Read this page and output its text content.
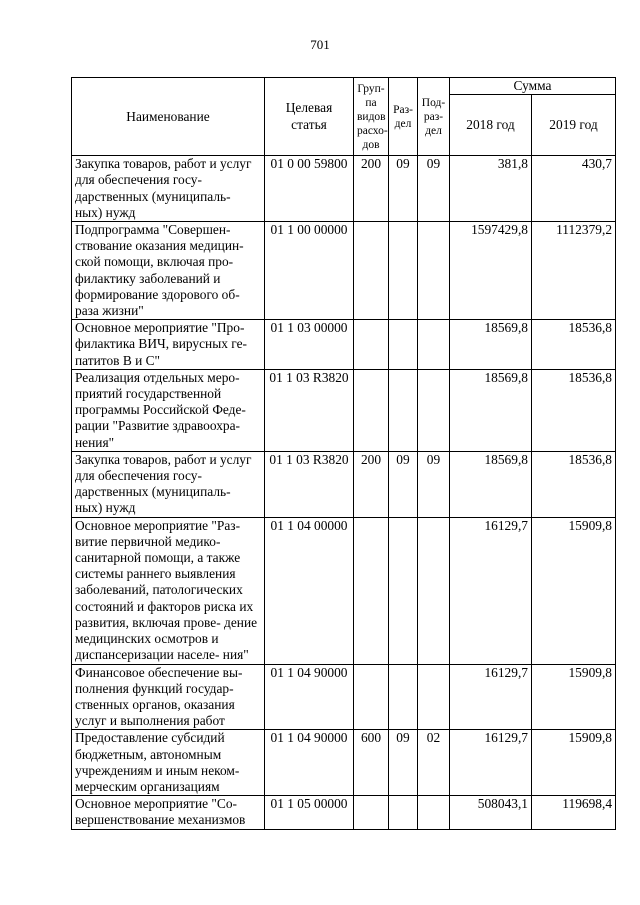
701
Наименование	Целевая статья	Груп- па видов расхо- дов	Раз- дел	Под- раз- дел	Сумма	
					2018 год	2019 год
Закупка товаров, работ и услуг для обеспечения госу- дарственных (муниципаль- ных) нужд	01 0 00 59800	200	09	09	381,8	430,7
Подпрограмма "Совершен- ствование оказания медицин- ской помощи, включая про- филактику заболеваний и формирование здорового об- раза жизни"	01 1 00 00000				1597429,8	1112379,2
Основное мероприятие "Про- филактика ВИЧ, вирусных ге- патитов В и С"	01 1 03 00000				18569,8	18536,8
Реализация отдельных меро- приятий государственной программы Российской Феде- рации "Развитие здравоохра- нения"	01 1 03 R3820				18569,8	18536,8
Закупка товаров, работ и услуг для обеспечения госу- дарственных (муниципаль- ных) нужд	01 1 03 R3820	200	09	09	18569,8	18536,8
Основное мероприятие "Раз- витие первичной медико- санитарной помощи, а также системы раннего выявления заболеваний, патологических состояний и факторов риска их развития, включая прове- дение медицинских осмотров и диспансеризации населе- ния"	01 1 04 00000				16129,7	15909,8
Финансовое обеспечение вы- полнения функций государ- ственных органов, оказания услуг и выполнения работ	01 1 04 90000				16129,7	15909,8
Предоставление субсидий бюджетным, автономным учреждениям и иным неком- мерческим организациям	01 1 04 90000	600	09	02	16129,7	15909,8
Основное мероприятие "Со- вершенствование механизмов	01 1 05 00000				508043,1	119698,4
